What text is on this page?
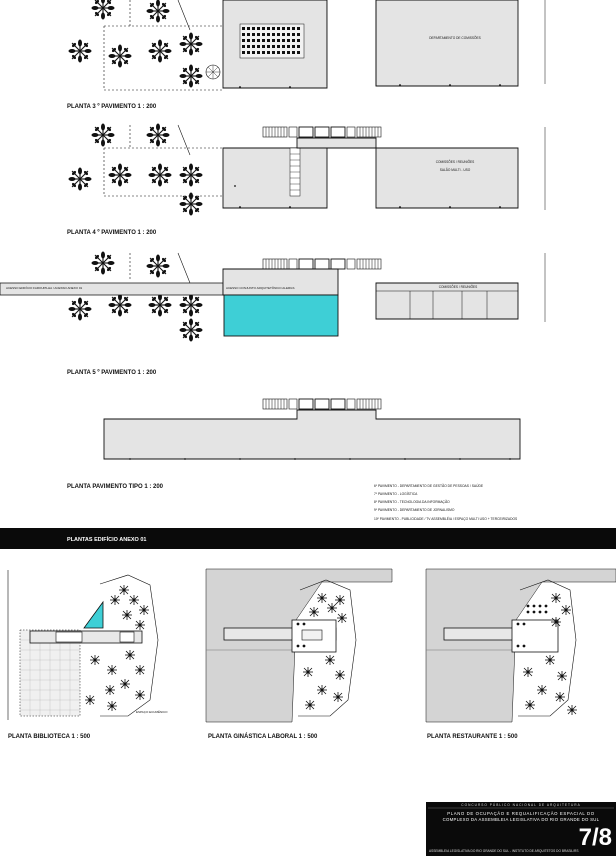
DEPARTAMENTO DE COMISSÕES
PLANTA 3 º PAVIMENTO 1 : 200
COMISSÕES / REUNIÕES
SALÃO MULTI - USO
PLANTA 4 º PAVIMENTO 1 : 200
ACESSO EDIFÍCIO FAROUPILHA / ACESSO ANEXO 01	ACESSO CONJUNTO ARQUITETÔNICO ALERGS	COMISSÕES / REUNIÕES
PLANTA 5 º PAVIMENTO 1 : 200
PLANTA PAVIMENTO TIPO 1 : 200	6º PAVIMENTO - DEPARTAMENTO DE GESTÃO DE PESSOAS / SAÚDE
7º PAVIMENTO - LOGÍSTICA
8º PAVIMENTO - TECNOLOGIA DA INFORMAÇÃO
9º PAVIMENTO - DEPARTAMENTO DE JORNALISMO
10º PAVIMENTO - PUBLICIDADE / TV ASSEMBLÉIA / ESPAÇO MULTI USO + TERCEIRIZADOS
PLANTAS EDIFÍCIO ANEXO 01
ESPAÇO ECUMÊNICO
PLANTA BIBLIOTECA 1 : 500	PLANTA GINÁSTICA LABORAL 1 : 500	PLANTA RESTAURANTE 1 : 500
CONCURSO PÚBLICO NACIONAL DE ARQUITETURA
PLANO DE OCUPAÇÃO E REQUALIFICAÇÃO ESPACIAL DO
COMPLEXO DA ASSEMBLEIA LEGISLATIVA DO RIO GRANDE DO SUL
7/8
ASSEMBLEIA LEGISLATIVA DO RIO GRANDE DO SUL - INSTITUTO DE ARQUITETOS DO BRASIL/RS
